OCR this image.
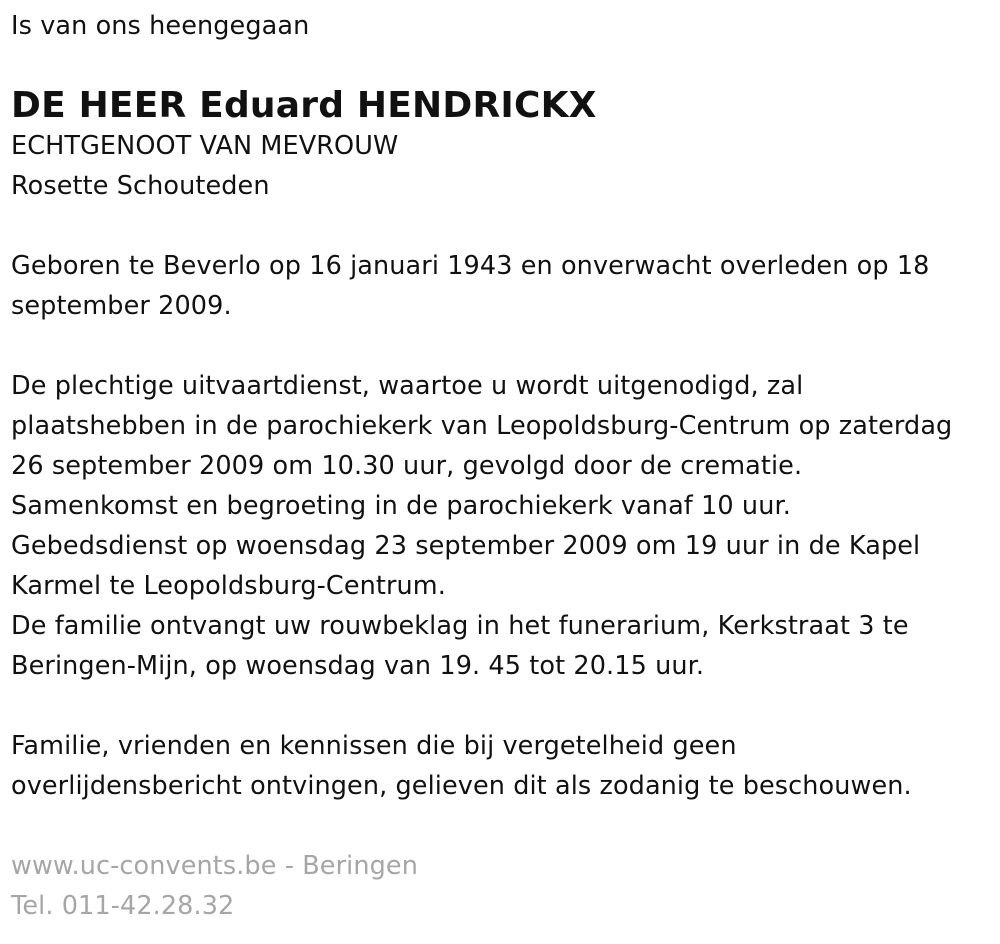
Is van ons heengegaan
DE HEER Eduard HENDRICKX
ECHTGENOOT VAN MEVROUW
Rosette Schouteden
Geboren te Beverlo op 16 januari 1943 en onverwacht overleden op 18
september 2009.
De plechtige uitvaartdienst, waartoe u wordt uitgenodigd, zal
plaatshebben in de parochiekerk van Leopoldsburg-Centrum op zaterdag
26 september 2009 om 10.30 uur, gevolgd door de crematie.
Samenkomst en begroeting in de parochiekerk vanaf 10 uur.
Gebedsdienst op woensdag 23 september 2009 om 19 uur in de Kapel
Karmel te Leopoldsburg-Centrum.
De familie ontvangt uw rouwbeklag in het funerarium, Kerkstraat 3 te
Beringen-Mijn, op woensdag van 19. 45 tot 20.15 uur.
Familie, vrienden en kennissen die bij vergetelheid geen
overlijdensbericht ontvingen, gelieven dit als zodanig te beschouwen.
www.uc-convents.be - Beringen
Tel. 011-42.28.32
